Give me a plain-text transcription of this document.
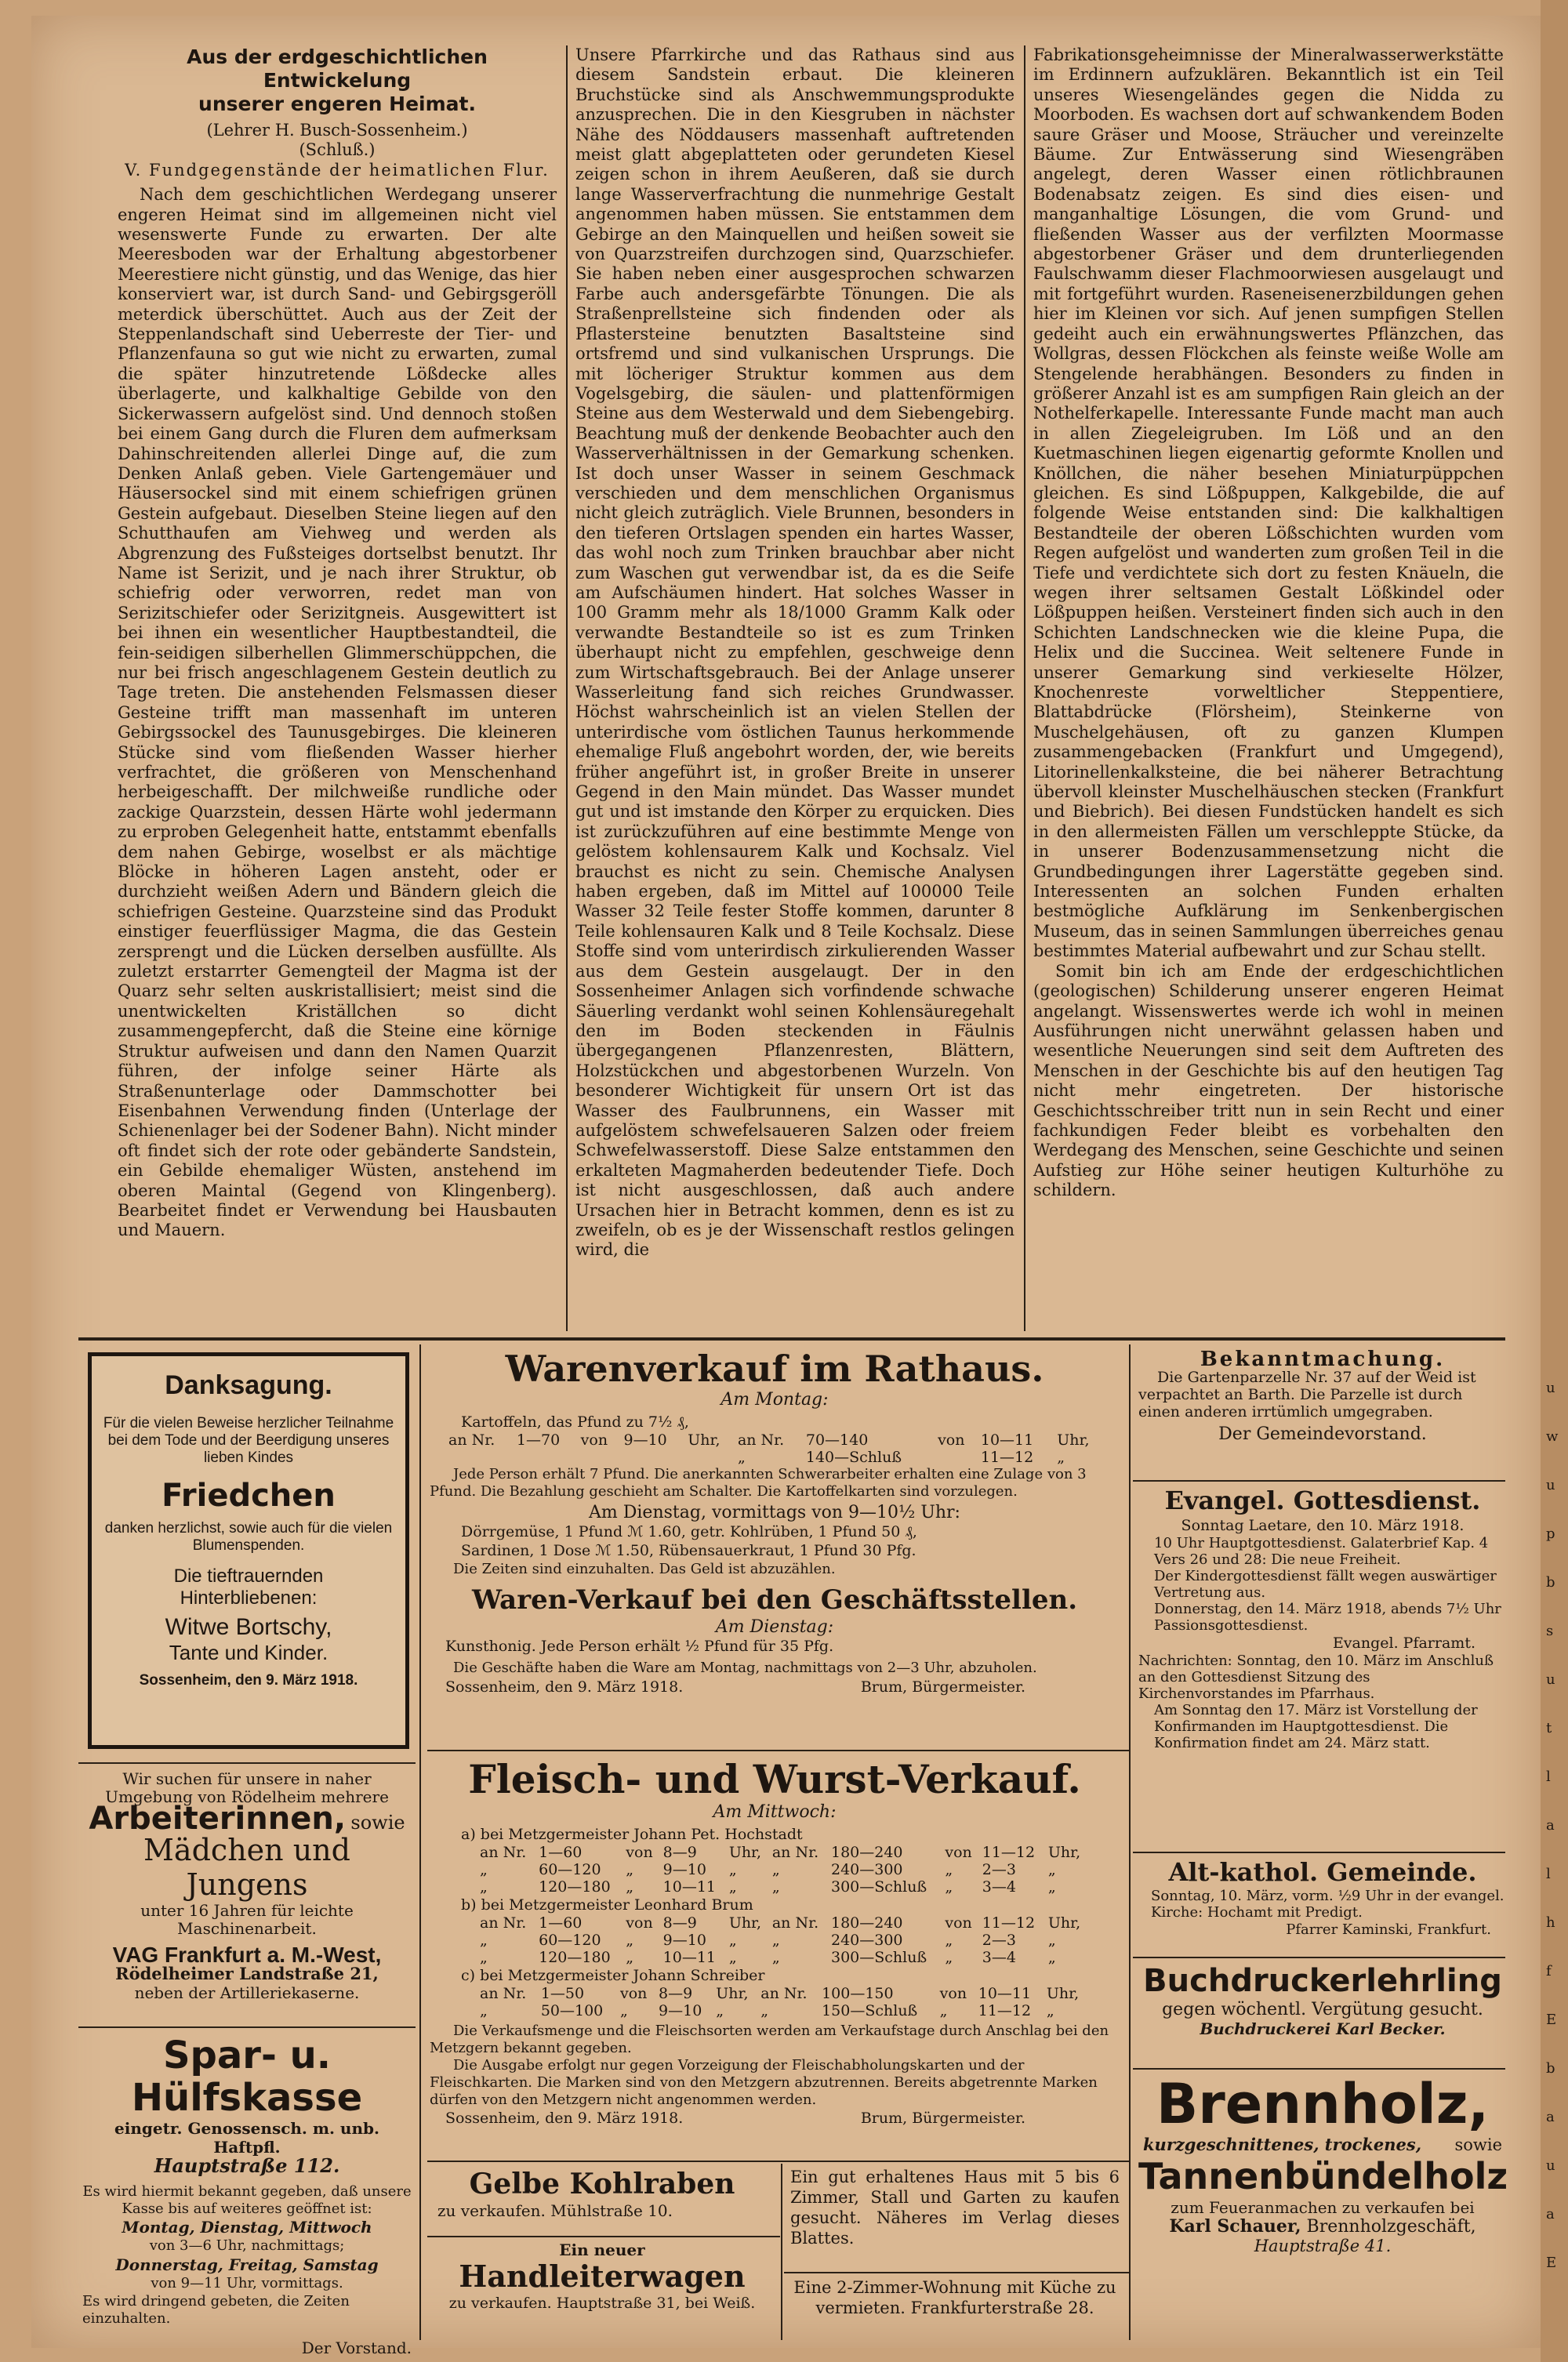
Aus der erdgeschichtlichen Entwickelung
unserer engeren Heimat.
(Lehrer H. Busch-Sossenheim.)
(Schluß.)
V. Fundgegenstände der heimatlichen Flur.

Nach dem geschichtlichen Werdegang unserer engeren Heimat sind im allgemeinen nicht viel wesenswerte Funde zu erwarten. Der alte Meeresboden war der Erhaltung abgestorbener Meerestiere nicht günstig, und das Wenige, das hier konserviert war, ist durch Sand- und Gebirgsgeröll meterdick überschüttet. Auch aus der Zeit der Steppenlandschaft sind Ueberreste der Tier- und Pflanzenfauna so gut wie nicht zu erwarten, zumal die später hinzutretende Lößdecke alles überlagerte, und kalkhaltige Gebilde von den Sickerwassern aufgelöst sind. Und dennoch stoßen bei einem Gang durch die Fluren dem aufmerksam Dahinschreitenden allerlei Dinge auf, die zum Denken Anlaß geben. Viele Gartengemäuer und Häusersockel sind mit einem schiefrigen grünen Gestein aufgebaut. Dieselben Steine liegen auf den Schutthaufen am Viehweg und werden als Abgrenzung des Fußsteiges dortselbst benutzt. Ihr Name ist Serizit, und je nach ihrer Struktur, ob schiefrig oder verworren, redet man von Serizitschiefer oder Serizitgneis. Ausgewittert ist bei ihnen ein wesentlicher Hauptbestandteil, die fein-seidigen silberhellen Glimmerschüppchen, die nur bei frisch angeschlagenem Gestein deutlich zu Tage treten. Die anstehenden Felsmassen dieser Gesteine trifft man massenhaft im unteren Gebirgssockel des Taunusgebirges. Die kleineren Stücke sind vom fließenden Wasser hierher verfrachtet, die größeren von Menschenhand herbeigeschafft. Der milchweiße rundliche oder zackige Quarzstein, dessen Härte wohl jedermann zu erproben Gelegenheit hatte, entstammt ebenfalls dem nahen Gebirge, woselbst er als mächtige Blöcke in höheren Lagen ansteht, oder er durchzieht weißen Adern und Bändern gleich die schiefrigen Gesteine. Quarzsteine sind das Produkt einstiger feuerflüssiger Magma, die das Gestein zersprengt und die Lücken derselben ausfüllte. Als zuletzt erstarrter Gemengteil der Magma ist der Quarz sehr selten auskristallisiert; meist sind die unentwickelten Kriställchen so dicht zusammengepfercht, daß die Steine eine körnige Struktur aufweisen und dann den Namen Quarzit führen, der infolge seiner Härte als Straßenunterlage oder Dammschotter bei Eisenbahnen Verwendung finden (Unterlage der Schienenlager bei der Sodener Bahn). Nicht minder oft findet sich der rote oder gebänderte Sandstein, ein Gebilde ehemaliger Wüsten, anstehend im oberen Maintal (Gegend von Klingenberg). Bearbeitet findet er Verwendung bei Hausbauten und Mauern.

Unsere Pfarrkirche und das Rathaus sind aus diesem Sandstein erbaut. Die kleineren Bruchstücke sind als Anschwemmungsprodukte anzusprechen. Die in den Kiesgruben in nächster Nähe des Nöddausers massenhaft auftretenden meist glatt abgeplatteten oder gerundeten Kiesel zeigen schon in ihrem Aeußeren, daß sie durch lange Wasserverfrachtung die nunmehrige Gestalt angenommen haben müssen. Sie entstammen dem Gebirge an den Mainquellen und heißen soweit sie von Quarzstreifen durchzogen sind, Quarzschiefer. Sie haben neben einer ausgesprochen schwarzen Farbe auch andersgefärbte Tönungen. Die als Straßenprellsteine sich findenden oder als Pflastersteine benutzten Basaltsteine sind ortsfremd und sind vulkanischen Ursprungs. Die mit löcheriger Struktur kommen aus dem Vogelsgebirg, die säulen- und plattenförmigen Steine aus dem Westerwald und dem Siebengebirg. Beachtung muß der denkende Beobachter auch den Wasserverhältnissen in der Gemarkung schenken. Ist doch unser Wasser in seinem Geschmack verschieden und dem menschlichen Organismus nicht gleich zuträglich. Viele Brunnen, besonders in den tieferen Ortslagen spenden ein hartes Wasser, das wohl noch zum Trinken brauchbar aber nicht zum Waschen gut verwendbar ist, da es die Seife am Aufschäumen hindert. Hat solches Wasser in 100 Gramm mehr als 18/1000 Gramm Kalk oder verwandte Bestandteile so ist es zum Trinken überhaupt nicht zu empfehlen, geschweige denn zum Wirtschaftsgebrauch. Bei der Anlage unserer Wasserleitung fand sich reiches Grundwasser. Höchst wahrscheinlich ist an vielen Stellen der unterirdische vom östlichen Taunus herkommende ehemalige Fluß angebohrt worden, der, wie bereits früher angeführt ist, in großer Breite in unserer Gegend in den Main mündet. Das Wasser mundet gut und ist imstande den Körper zu erquicken. Dies ist zurückzuführen auf eine bestimmte Menge von gelöstem kohlensaurem Kalk und Kochsalz. Viel brauchst es nicht zu sein. Chemische Analysen haben ergeben, daß im Mittel auf 100000 Teile Wasser 32 Teile fester Stoffe kommen, darunter 8 Teile kohlensauren Kalk und 8 Teile Kochsalz. Diese Stoffe sind vom unterirdisch zirkulierenden Wasser aus dem Gestein ausgelaugt. Der in den Sossenheimer Anlagen sich vorfindende schwache Säuerling verdankt wohl seinen Kohlensäuregehalt den im Boden steckenden in Fäulnis übergegangenen Pflanzenresten, Blättern, Holzstückchen und abgestorbenen Wurzeln. Von besonderer Wichtigkeit für unsern Ort ist das Wasser des Faulbrunnens, ein Wasser mit aufgelöstem schwefelsaueren Salzen oder freiem Schwefelwasserstoff. Diese Salze entstammen den erkalteten Magmaherden bedeutender Tiefe. Doch ist nicht ausgeschlossen, daß auch andere Ursachen hier in Betracht kommen, denn es ist zu zweifeln, ob es je der Wissenschaft restlos gelingen wird, die

Fabrikationsgeheimnisse der Mineralwasserwerkstätte im Erdinnern aufzuklären. Bekanntlich ist ein Teil unseres Wiesengeländes gegen die Nidda zu Moorboden. Es wachsen dort auf schwankendem Boden saure Gräser und Moose, Sträucher und vereinzelte Bäume. Zur Entwässerung sind Wiesengräben angelegt, deren Wasser einen rötlichbraunen Bodenabsatz zeigen. Es sind dies eisen- und manganhaltige Lösungen, die vom Grund- und fließenden Wasser aus der verfilzten Moormasse abgestorbener Gräser und dem drunterliegenden Faulschwamm dieser Flachmoorwiesen ausgelaugt und mit fortgeführt wurden. Raseneisenerzbildungen gehen hier im Kleinen vor sich. Auf jenen sumpfigen Stellen gedeiht auch ein erwähnungswertes Pflänzchen, das Wollgras, dessen Flöckchen als feinste weiße Wolle am Stengelende herabhängen. Besonders zu finden in größerer Anzahl ist es am sumpfigen Rain gleich an der Nothelferkapelle. Interessante Funde macht man auch in allen Ziegeleigruben. Im Löß und an den Kuetmaschinen liegen eigenartig geformte Knollen und Knöllchen, die näher besehen Miniaturpüppchen gleichen. Es sind Lößpuppen, Kalkgebilde, die auf folgende Weise entstanden sind: Die kalkhaltigen Bestandteile der oberen Lößschichten wurden vom Regen aufgelöst und wanderten zum großen Teil in die Tiefe und verdichtete sich dort zu festen Knäueln, die wegen ihrer seltsamen Gestalt Lößkindel oder Lößpuppen heißen. Versteinert finden sich auch in den Schichten Landschnecken wie die kleine Pupa, die Helix und die Succinea. Weit seltenere Funde in unserer Gemarkung sind verkieselte Hölzer, Knochenreste vorweltlicher Steppentiere, Blattabdrücke (Flörsheim), Steinkerne von Muschelgehäusen, oft zu ganzen Klumpen zusammengebacken (Frankfurt und Umgegend), Litorinellenkalksteine, die bei näherer Betrachtung übervoll kleinster Muschelhäuschen stecken (Frankfurt und Biebrich). Bei diesen Fundstücken handelt es sich in den allermeisten Fällen um verschleppte Stücke, da in unserer Bodenzusammensetzung nicht die Grundbedingungen ihrer Lagerstätte gegeben sind. Interessenten an solchen Funden erhalten bestmögliche Aufklärung im Senkenbergischen Museum, das in seinen Sammlungen überreiches genau bestimmtes Material aufbewahrt und zur Schau stellt.

Somit bin ich am Ende der erdgeschichtlichen (geologischen) Schilderung unserer engeren Heimat angelangt. Wissenswertes werde ich wohl in meinen Ausführungen nicht unerwähnt gelassen haben und wesentliche Neuerungen sind seit dem Auftreten des Menschen in der Geschichte bis auf den heutigen Tag nicht mehr eingetreten. Der historische Geschichtsschreiber tritt nun in sein Recht und einer fachkundigen Feder bleibt es vorbehalten den Werdegang des Menschen, seine Geschichte und seinen Aufstieg zur Höhe seiner heutigen Kulturhöhe zu schildern.

Danksagung.
Für die vielen Beweise herzlicher Teilnahme bei dem Tode und der Beerdigung unseres lieben Kindes
Friedchen
danken herzlichst, sowie auch für die vielen Blumenspenden.
Die tieftrauernden Hinterbliebenen:
Witwe Bortschy,
Tante und Kinder.
Sossenheim, den 9. März 1918.
Wir suchen für unsere in naher Umgebung von Rödelheim mehrere
Arbeiterinnen, sowie
Mädchen und Jungens
unter 16 Jahren für leichte Maschinenarbeit.
VAG Frankfurt a. M.-West,
Rödelheimer Landstraße 21,
neben der Artilleriekaserne.
Spar- u. Hülfskasse
eingetr. Genossensch. m. unb. Haftpfl.
Hauptstraße 112.
Es wird hiermit bekannt gegeben, daß unsere Kasse bis auf weiteres geöffnet ist:
Montag, Dienstag, Mittwoch
von 3—6 Uhr, nachmittags;
Donnerstag, Freitag, Samstag
von 9—11 Uhr, vormittags.
Es wird dringend gebeten, die Zeiten einzuhalten.
Der Vorstand.
Warenverkauf im Rathaus.
Am Montag:
Kartoffeln, das Pfund zu 7½ ₰,
an Nr.	1—70	von	9—10	Uhr,	an Nr.	70—140	von	10—11	Uhr,
					„	140—Schluß		11—12	„
Jede Person erhält 7 Pfund. Die anerkannten Schwerarbeiter erhalten eine Zulage von 3 Pfund. Die Bezahlung geschieht am Schalter. Die Kartoffelkarten sind vorzulegen.
Am Dienstag, vormittags von 9—10½ Uhr:
Dörrgemüse, 1 Pfund ℳ 1.60, getr. Kohlrüben, 1 Pfund 50 ₰,
Sardinen, 1 Dose ℳ 1.50, Rübensauerkraut, 1 Pfund 30 Pfg.
Die Zeiten sind einzuhalten. Das Geld ist abzuzählen.
Waren-Verkauf bei den Geschäftsstellen.
Am Dienstag:
Kunsthonig. Jede Person erhält ½ Pfund für 35 Pfg.
Die Geschäfte haben die Ware am Montag, nachmittags von 2—3 Uhr, abzuholen.
Sossenheim, den 9. März 1918.	Brum, Bürgermeister.
Fleisch- und Wurst-Verkauf.
Am Mittwoch:
a) bei Metzgermeister Johann Pet. Hochstadt
an Nr.	1—60	von	8—9	Uhr,	an Nr.	180—240	von	11—12	Uhr,
„	60—120	„	9—10	„	„	240—300	„	2—3	„
„	120—180	„	10—11	„	„	300—Schluß	„	3—4	„
b) bei Metzgermeister Leonhard Brum
an Nr.	1—60	von	8—9	Uhr,	an Nr.	180—240	von	11—12	Uhr,
„	60—120	„	9—10	„	„	240—300	„	2—3	„
„	120—180	„	10—11	„	„	300—Schluß	„	3—4	„
c) bei Metzgermeister Johann Schreiber
an Nr.	1—50	von	8—9	Uhr,	an Nr.	100—150	von	10—11	Uhr,
„	50—100	„	9—10	„	„	150—Schluß	„	11—12	„
Die Verkaufsmenge und die Fleischsorten werden am Verkaufstage durch Anschlag bei den Metzgern bekannt gegeben.
Die Ausgabe erfolgt nur gegen Vorzeigung der Fleischabholungskarten und der Fleischkarten. Die Marken sind von den Metzgern abzutrennen. Bereits abgetrennte Marken dürfen von den Metzgern nicht angenommen werden.
Sossenheim, den 9. März 1918.	Brum, Bürgermeister.
Gelbe Kohlraben
zu verkaufen. Mühlstraße 10.
Ein neuer
Handleiterwagen
zu verkaufen. Hauptstraße 31, bei Weiß.
Ein gut erhaltenes Haus mit 5 bis 6 Zimmer, Stall und Garten zu kaufen gesucht. Näheres im Verlag dieses Blattes.
Eine 2-Zimmer-Wohnung mit Küche zu vermieten. Frankfurterstraße 28.
Bekanntmachung.
Die Gartenparzelle Nr. 37 auf der Weid ist verpachtet an Barth. Die Parzelle ist durch einen anderen irrtümlich umgegraben.
Der Gemeindevorstand.
Evangel. Gottesdienst.
Sonntag Laetare, den 10. März 1918.
10 Uhr Hauptgottesdienst. Galaterbrief Kap. 4 Vers 26 und 28: Die neue Freiheit.
Der Kindergottesdienst fällt wegen auswärtiger Vertretung aus.
Donnerstag, den 14. März 1918, abends 7½ Uhr Passionsgottesdienst.
Evangel. Pfarramt.
Nachrichten: Sonntag, den 10. März im Anschluß an den Gottesdienst Sitzung des Kirchenvorstandes im Pfarrhaus.
Am Sonntag den 17. März ist Vorstellung der Konfirmanden im Hauptgottesdienst. Die Konfirmation findet am 24. März statt.
Alt-kathol. Gemeinde.
Sonntag, 10. März, vorm. ½9 Uhr in der evangel. Kirche: Hochamt mit Predigt.
Pfarrer Kaminski, Frankfurt.
Buchdruckerlehrling
gegen wöchentl. Vergütung gesucht.
Buchdruckerei Karl Becker.
Brennholz,
kurzgeschnittenes, trockenes, sowie
Tannenbündelholz
zum Feueranmachen zu verkaufen bei
Karl Schauer, Brennholzgeschäft,
Hauptstraße 41.
u
w
u
p
b
s
u
t
l
a
l
h
f
E
b
a
u
a
E
